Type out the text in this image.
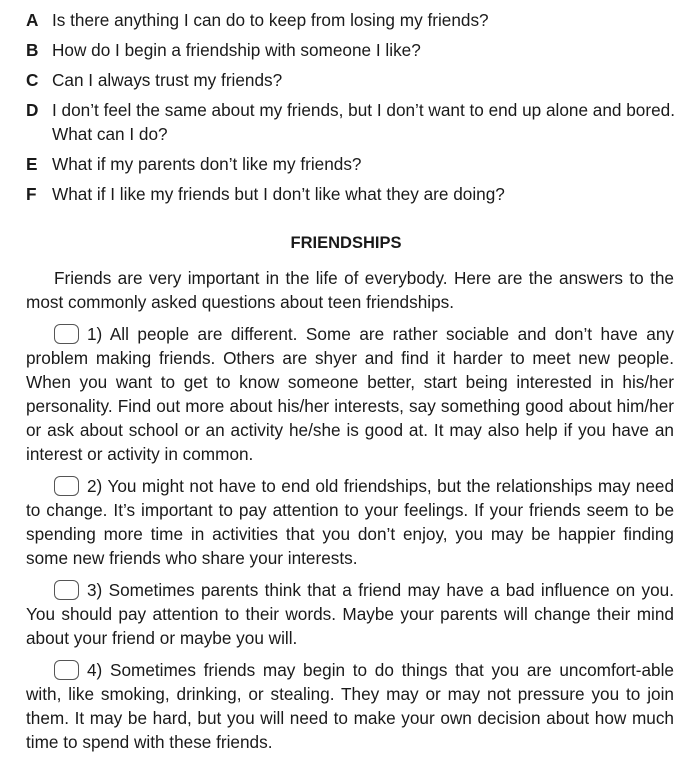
A Is there anything I can do to keep from losing my friends?
B How do I begin a friendship with someone I like?
C Can I always trust my friends?
D I don’t feel the same about my friends, but I don’t want to end up alone and bored. What can I do?
E What if my parents don’t like my friends?
F What if I like my friends but I don’t like what they are doing?
FRIENDSHIPS

Friends are very important in the life of everybody. Here are the answers to the most commonly asked questions about teen friendships.

1) All people are different. Some are rather sociable and don’t have any problem making friends. Others are shyer and find it harder to meet new people. When you want to get to know someone better, start being interested in his/her personality. Find out more about his/her interests, say something good about him/her or ask about school or an activity he/she is good at. It may also help if you have an interest or activity in common.

2) You might not have to end old friendships, but the relationships may need to change. It’s important to pay attention to your feelings. If your friends seem to be spending more time in activities that you don’t enjoy, you may be happier finding some new friends who share your interests.

3) Sometimes parents think that a friend may have a bad influence on you. You should pay attention to their words. Maybe your parents will change their mind about your friend or maybe you will.

4) Sometimes friends may begin to do things that you are uncomfort-able with, like smoking, drinking, or stealing. They may or may not pressure you to join them. It may be hard, but you will need to make your own decision about how much time to spend with these friends.
